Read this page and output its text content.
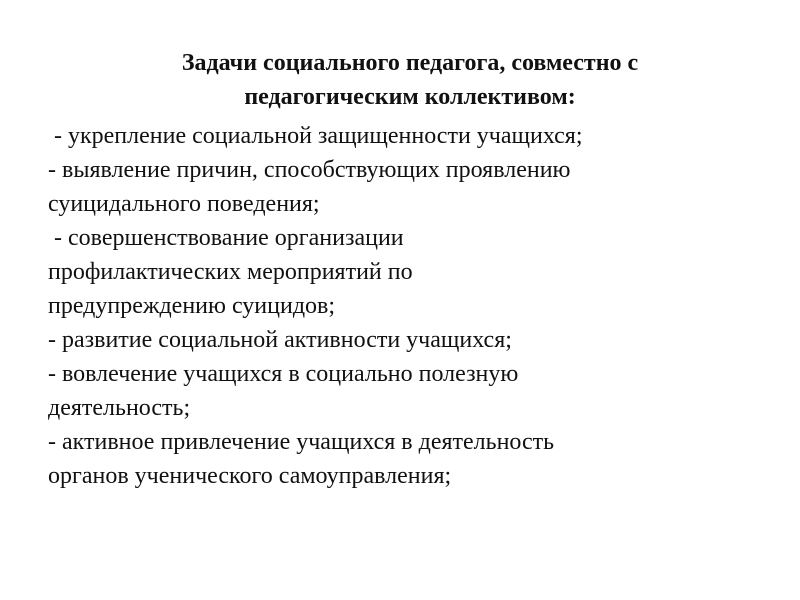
Задачи социального педагога, совместно с
педагогическим коллективом:
- укрепление социальной защищенности учащихся;
- выявление причин, способствующих проявлению
суицидального поведения;
- совершенствование организации
профилактических мероприятий по
предупреждению суицидов;
- развитие социальной активности учащихся;
- вовлечение учащихся в социально полезную
деятельность;
- активное привлечение учащихся в деятельность
органов ученического самоуправления;
